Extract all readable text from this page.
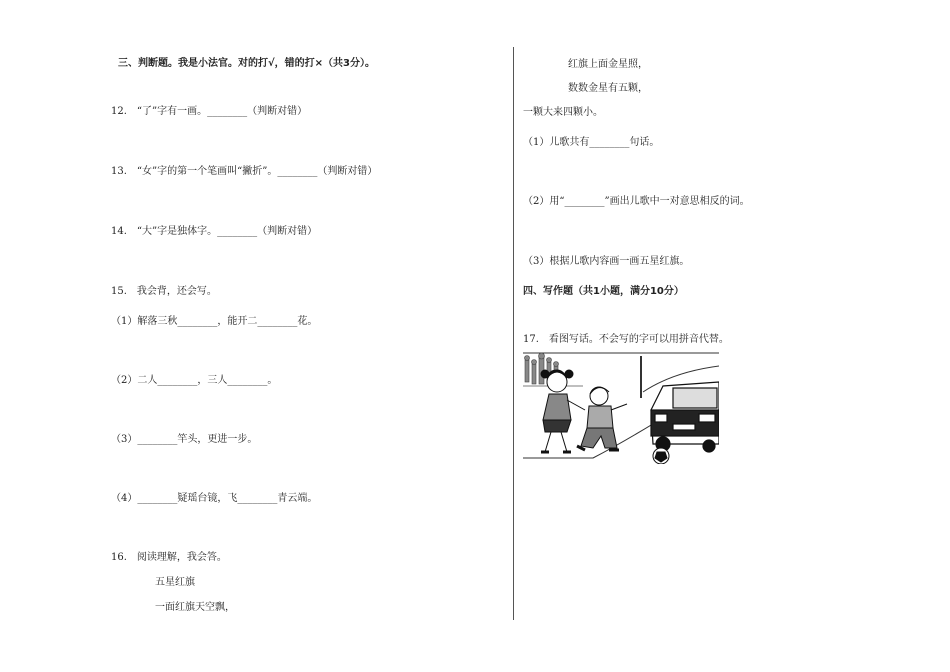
三、判断题。我是小法官。对的打√，错的打×（共3分）。
12.　“了”字有一画。________（判断对错）
13.　“女”字的第一个笔画叫“撇折”。________（判断对错）
14.　“大”字是独体字。________（判断对错）
15.　我会背，还会写。
（1）解落三秋________，能开二________花。
（2）二人________，三人________。
（3）________竿头，更进一步。
（4）________疑瑶台镜，飞________青云端。
16.　阅读理解，我会答。
五星红旗
一面红旗天空飘，
红旗上面金星照，
数数金星有五颗，
一颗大来四颗小。
（1）儿歌共有________句话。
（2）用“________”画出儿歌中一对意思相反的词。
（3）根据儿歌内容画一画五星红旗。
四、写作题（共1小题，满分10分）
17.　看图写话。不会写的字可以用拼音代替。
